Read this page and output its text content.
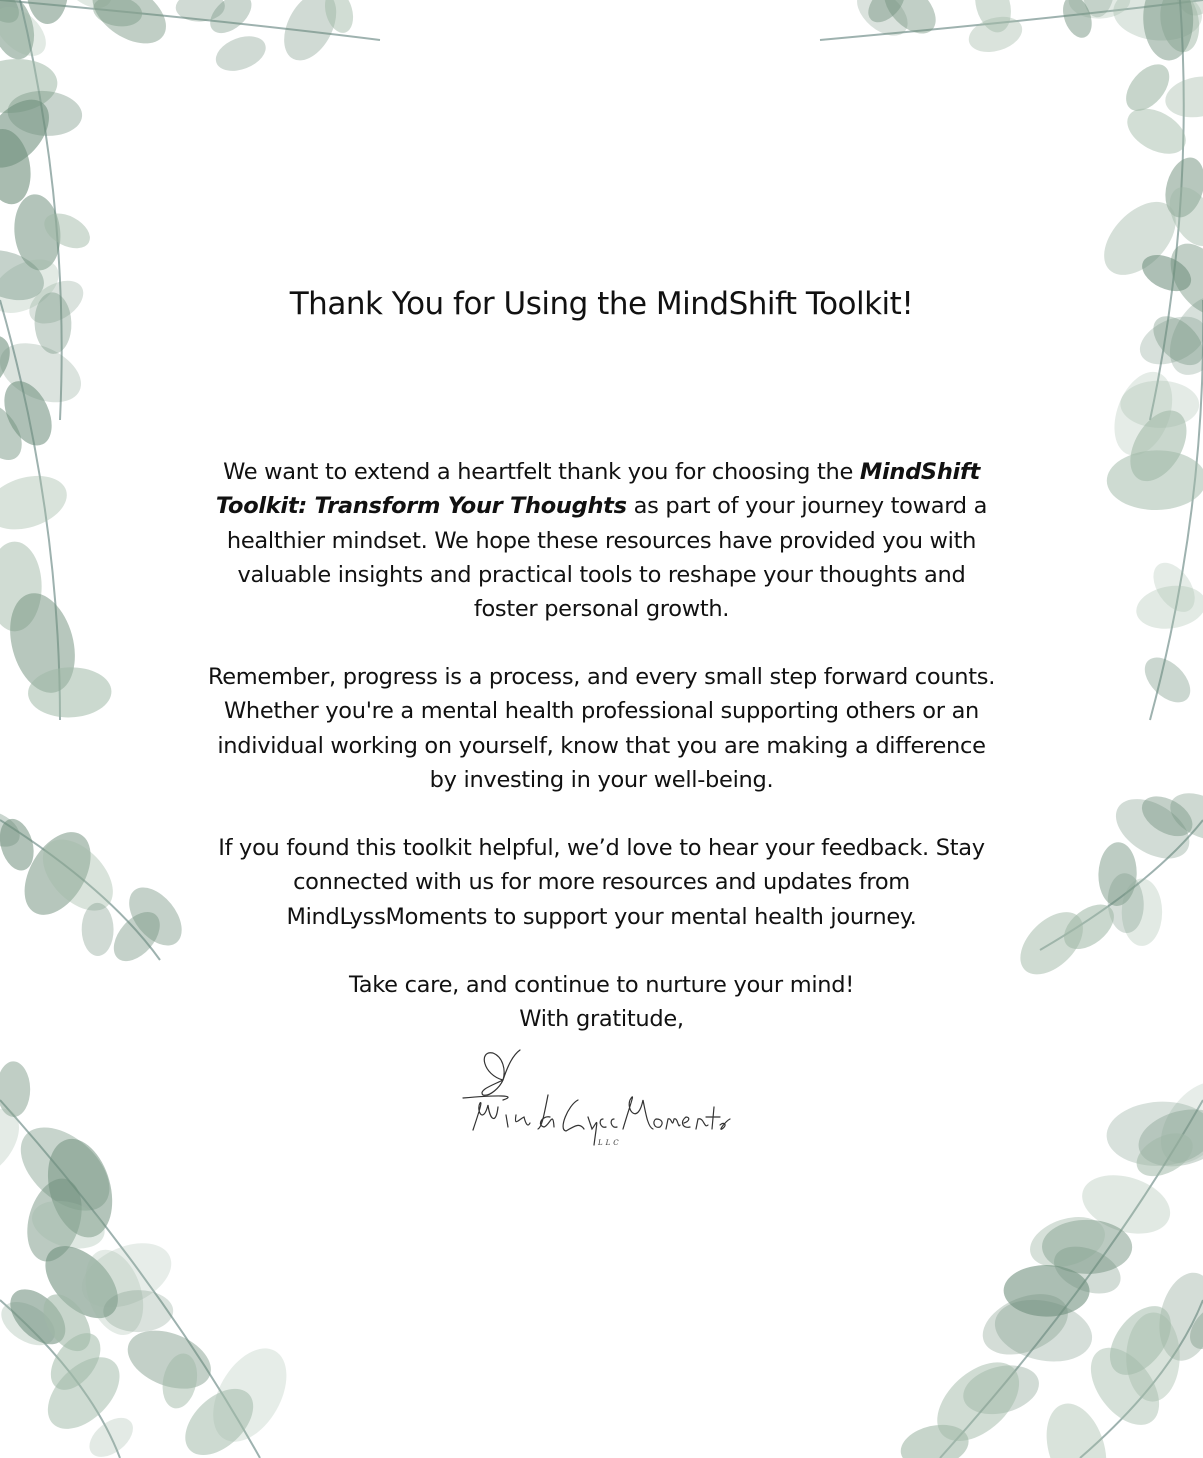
Thank You for Using the MindShift Toolkit!
We want to extend a heartfelt thank you for choosing the MindShift
Toolkit: Transform Your Thoughts as part of your journey toward a
healthier mindset. We hope these resources have provided you with
valuable insights and practical tools to reshape your thoughts and
foster personal growth.
Remember, progress is a process, and every small step forward counts.
Whether you're a mental health professional supporting others or an
individual working on yourself, know that you are making a difference
by investing in your well-being.
If you found this toolkit helpful, we’d love to hear your feedback. Stay
connected with us for more resources and updates from
MindLyssMoments to support your mental health journey.
Take care, and continue to nurture your mind!
With gratitude,
LLC
